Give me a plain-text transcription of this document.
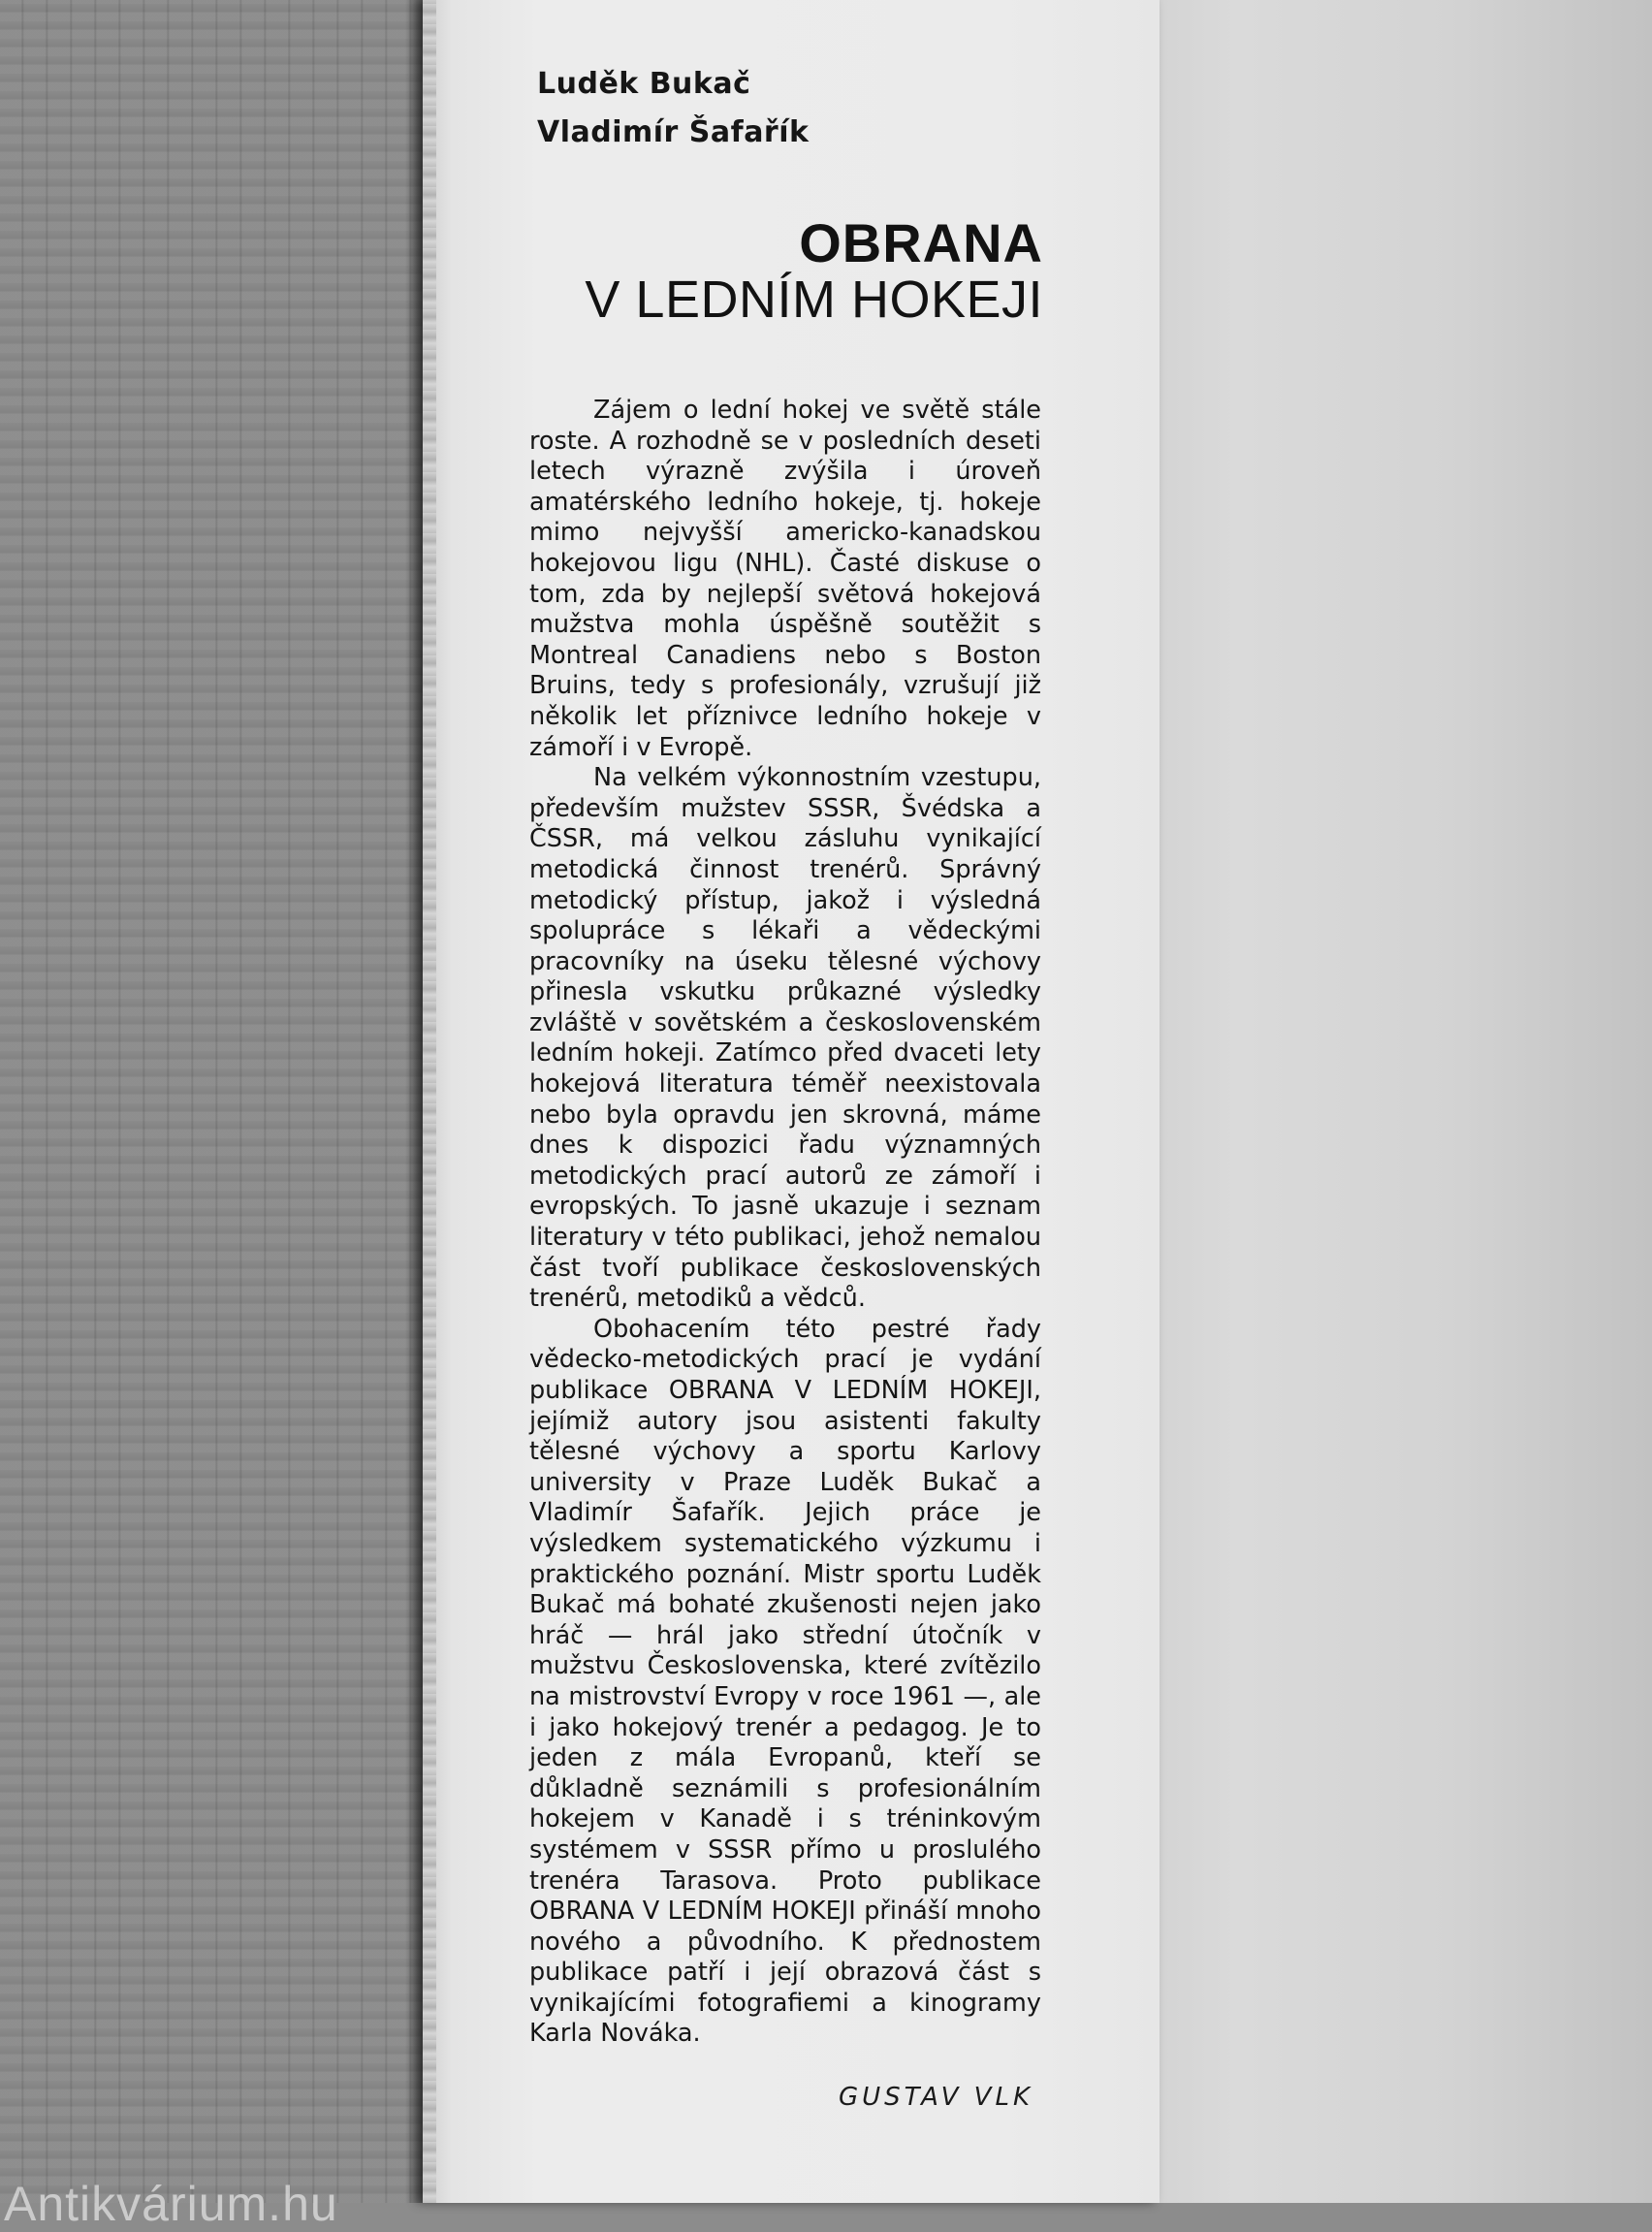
Luděk Bukač
Vladimír Šafařík
OBRANA
V LEDNÍM HOKEJI

Zájem o lední hokej ve světě stále roste. A rozhodně se v posledních deseti letech výrazně zvýšila i úroveň amatérského ledního hokeje, tj. hokeje mimo nejvyšší americko-kanadskou hokejovou ligu (NHL). Časté diskuse o tom, zda by nejlepší světová hokejová mužstva mohla úspěšně soutěžit s Montreal Canadiens nebo s Boston Bruins, tedy s profesionály, vzrušují již několik let příznivce ledního hokeje v zámoří i v Evropě.

Na velkém výkonnostním vzestupu, především mužstev SSSR, Švédska a ČSSR, má velkou zásluhu vynikající metodická činnost trenérů. Správný metodický přístup, jakož i výsledná spolupráce s lékaři a vědeckými pracovníky na úseku tělesné výchovy přinesla vskutku průkazné výsledky zvláště v sovětském a československém ledním hokeji. Zatímco před dvaceti lety hokejová literatura téměř neexistovala nebo byla opravdu jen skrovná, máme dnes k dispozici řadu významných metodických prací autorů ze zámoří i evropských. To jasně ukazuje i seznam literatury v této publikaci, jehož nemalou část tvoří publikace československých trenérů, metodiků a vědců.

Obohacením této pestré řady vědecko-metodických prací je vydání publikace OBRANA V LEDNÍM HOKEJI, jejímiž autory jsou asistenti fakulty tělesné výchovy a sportu Karlovy university v Praze Luděk Bukač a Vladimír Šafařík. Jejich práce je výsledkem systematického výzkumu i praktického poznání. Mistr sportu Luděk Bukač má bohaté zkušenosti nejen jako hráč — hrál jako střední útočník v mužstvu Československa, které zvítězilo na mistrovství Evropy v roce 1961 —, ale i jako hokejový trenér a pedagog. Je to jeden z mála Evropanů, kteří se důkladně seznámili s profesionálním hokejem v Kanadě i s tréninkovým systémem v SSSR přímo u proslulého trenéra Tarasova. Proto publikace OBRANA V LEDNÍM HOKEJI přináší mnoho nového a původního. K přednostem publikace patří i její obrazová část s vynikajícími fotografiemi a kinogramy Karla Nováka.

GUSTAV VLK
Antikvárium.hu
